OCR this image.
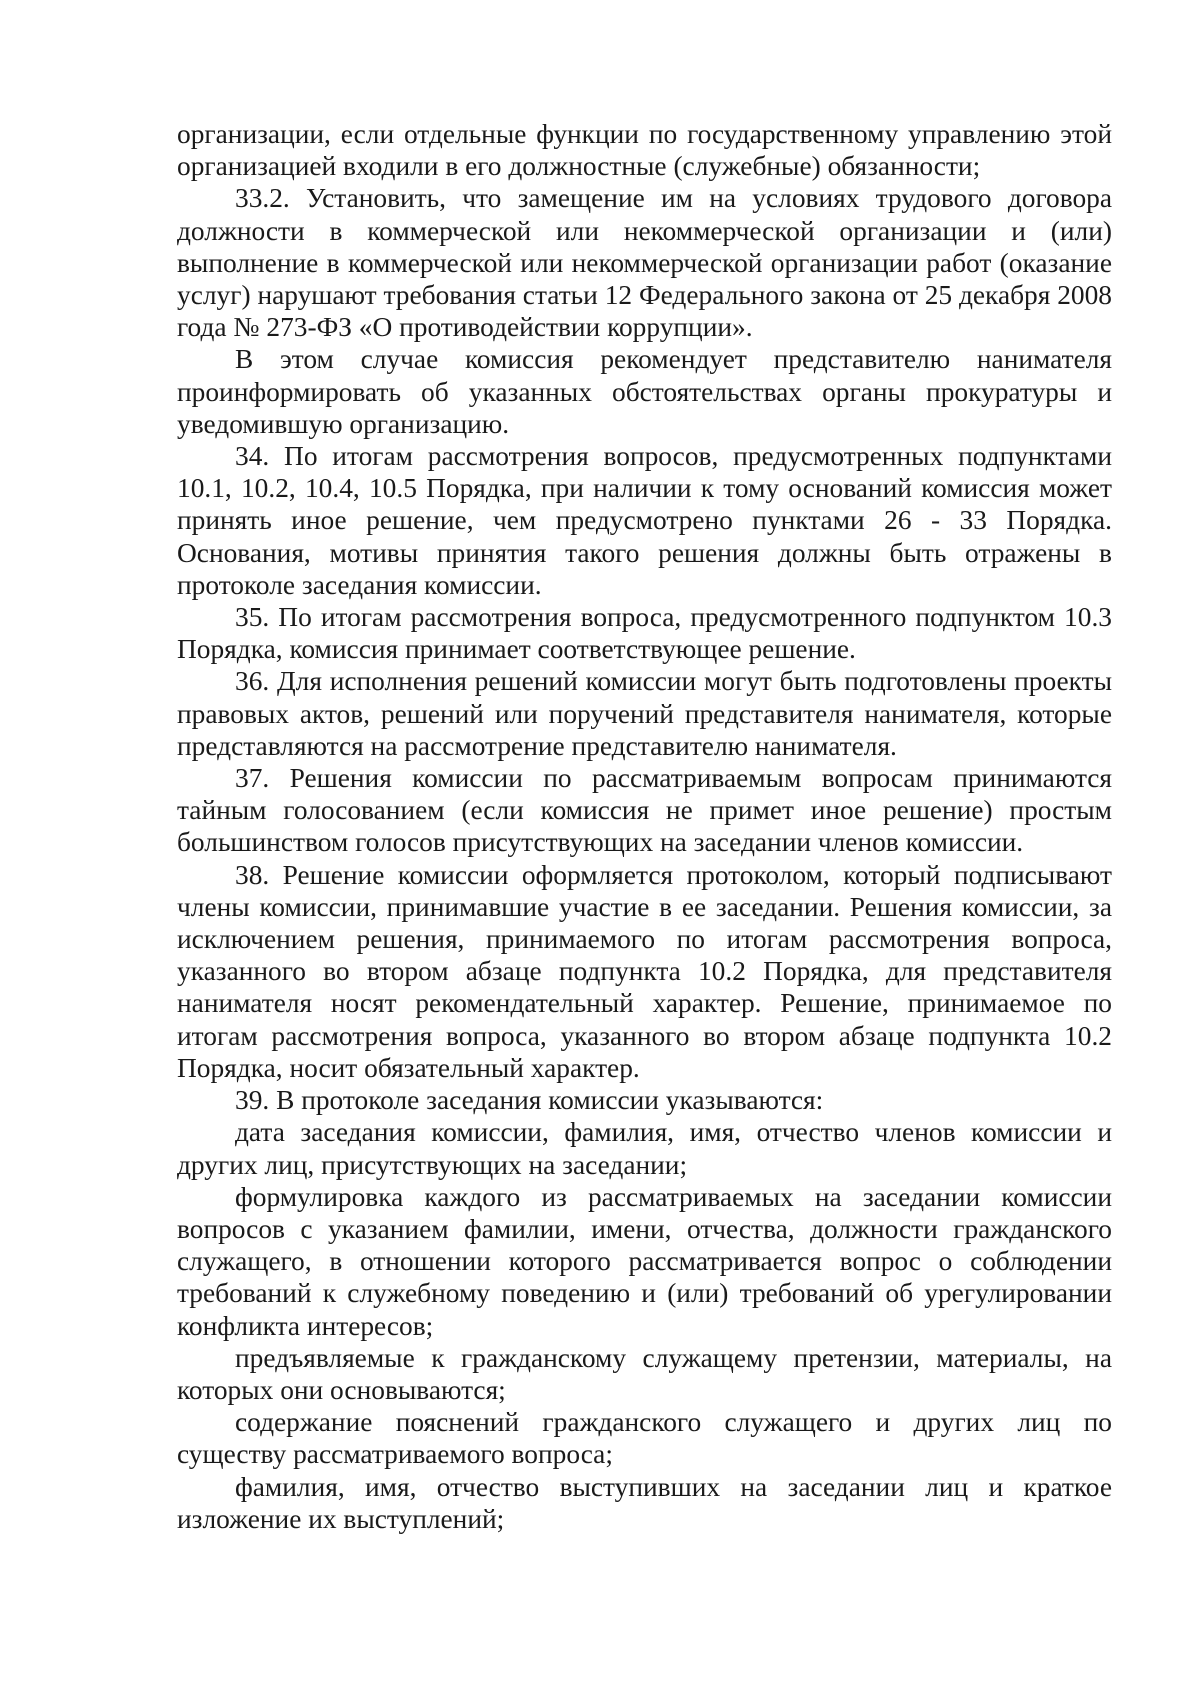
организации, если отдельные функции по государственному управлению этой организацией входили в его должностные (служебные) обязанности;

33.2. Установить, что замещение им на условиях трудового договора должности в коммерческой или некоммерческой организации и (или) выполнение в коммерческой или некоммерческой организации работ (оказание услуг) нарушают требования статьи 12 Федерального закона от 25 декабря 2008 года № 273-ФЗ «О противодействии коррупции».

В этом случае комиссия рекомендует представителю нанимателя проинформировать об указанных обстоятельствах органы прокуратуры и уведомившую организацию.

34. По итогам рассмотрения вопросов, предусмотренных подпунктами 10.1, 10.2, 10.4, 10.5 Порядка, при наличии к тому оснований комиссия может принять иное решение, чем предусмотрено пунктами 26 - 33 Порядка. Основания, мотивы принятия такого решения должны быть отражены в протоколе заседания комиссии.

35. По итогам рассмотрения вопроса, предусмотренного подпунктом 10.3 Порядка, комиссия принимает соответствующее решение.

36. Для исполнения решений комиссии могут быть подготовлены проекты правовых актов, решений или поручений представителя нанимателя, которые представляются на рассмотрение представителю нанимателя.

37. Решения комиссии по рассматриваемым вопросам принимаются тайным голосованием (если комиссия не примет иное решение) простым большинством голосов присутствующих на заседании членов комиссии.

38. Решение комиссии оформляется протоколом, который подписывают члены комиссии, принимавшие участие в ее заседании. Решения комиссии, за исключением решения, принимаемого по итогам рассмотрения вопроса, указанного во втором абзаце подпункта 10.2 Порядка, для представителя нанимателя носят рекомендательный характер. Решение, принимаемое по итогам рассмотрения вопроса, указанного во втором абзаце подпункта 10.2 Порядка, носит обязательный характер.

39. В протоколе заседания комиссии указываются:

дата заседания комиссии, фамилия, имя, отчество членов комиссии и других лиц, присутствующих на заседании;

формулировка каждого из рассматриваемых на заседании комиссии вопросов с указанием фамилии, имени, отчества, должности гражданского служащего, в отношении которого рассматривается вопрос о соблюдении требований к служебному поведению и (или) требований об урегулировании конфликта интересов;

предъявляемые к гражданскому служащему претензии, материалы, на которых они основываются;

содержание пояснений гражданского служащего и других лиц по существу рассматриваемого вопроса;

фамилия, имя, отчество выступивших на заседании лиц и краткое изложение их выступлений;
